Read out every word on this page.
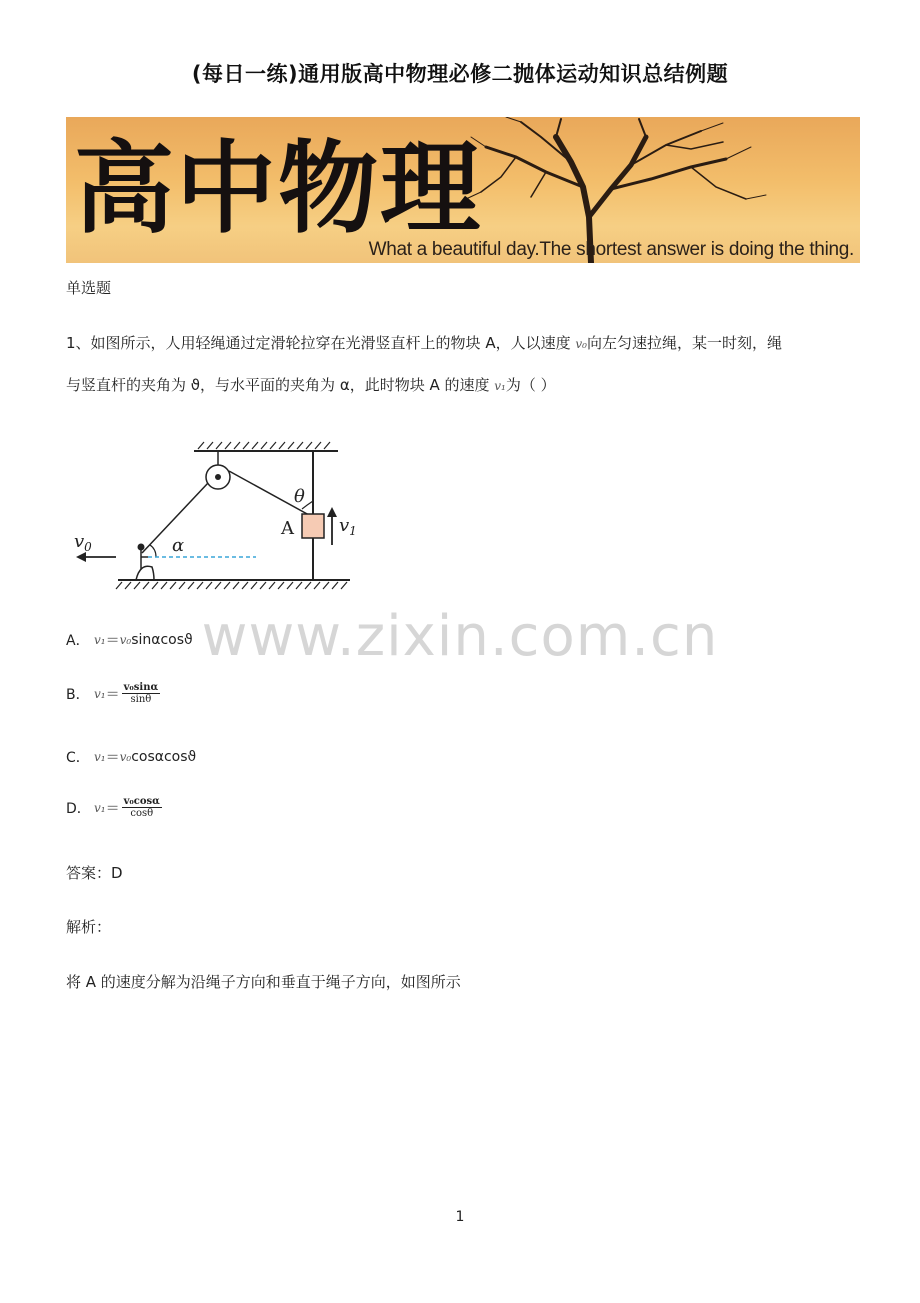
(每日一练)通用版高中物理必修二抛体运动知识总结例题
高中物理
What a beautiful day.The shortest answer is doing the thing.
单选题
1、如图所示，人用轻绳通过定滑轮拉穿在光滑竖直杆上的物块 A，人以速度 v₀向左匀速拉绳，某一时刻，绳
与竖直杆的夹角为 ϑ，与水平面的夹角为 α，此时物块 A 的速度 v₁为（ ）
$v_0$	α
θ
A	$v_1$
www.zixin.com.cn
A． v₁ ＝ v₀ sinαcosϑ
B． $v_1 = \frac{\text{v₀sinα}}{\sin\theta}$
C． v₁ ＝ v₀ cosαcosϑ
D． $v_1 = \frac{\text{v₀cosα}}{\cos\theta}$
答案：D
解析：
将 A 的速度分解为沿绳子方向和垂直于绳子方向，如图所示
1
